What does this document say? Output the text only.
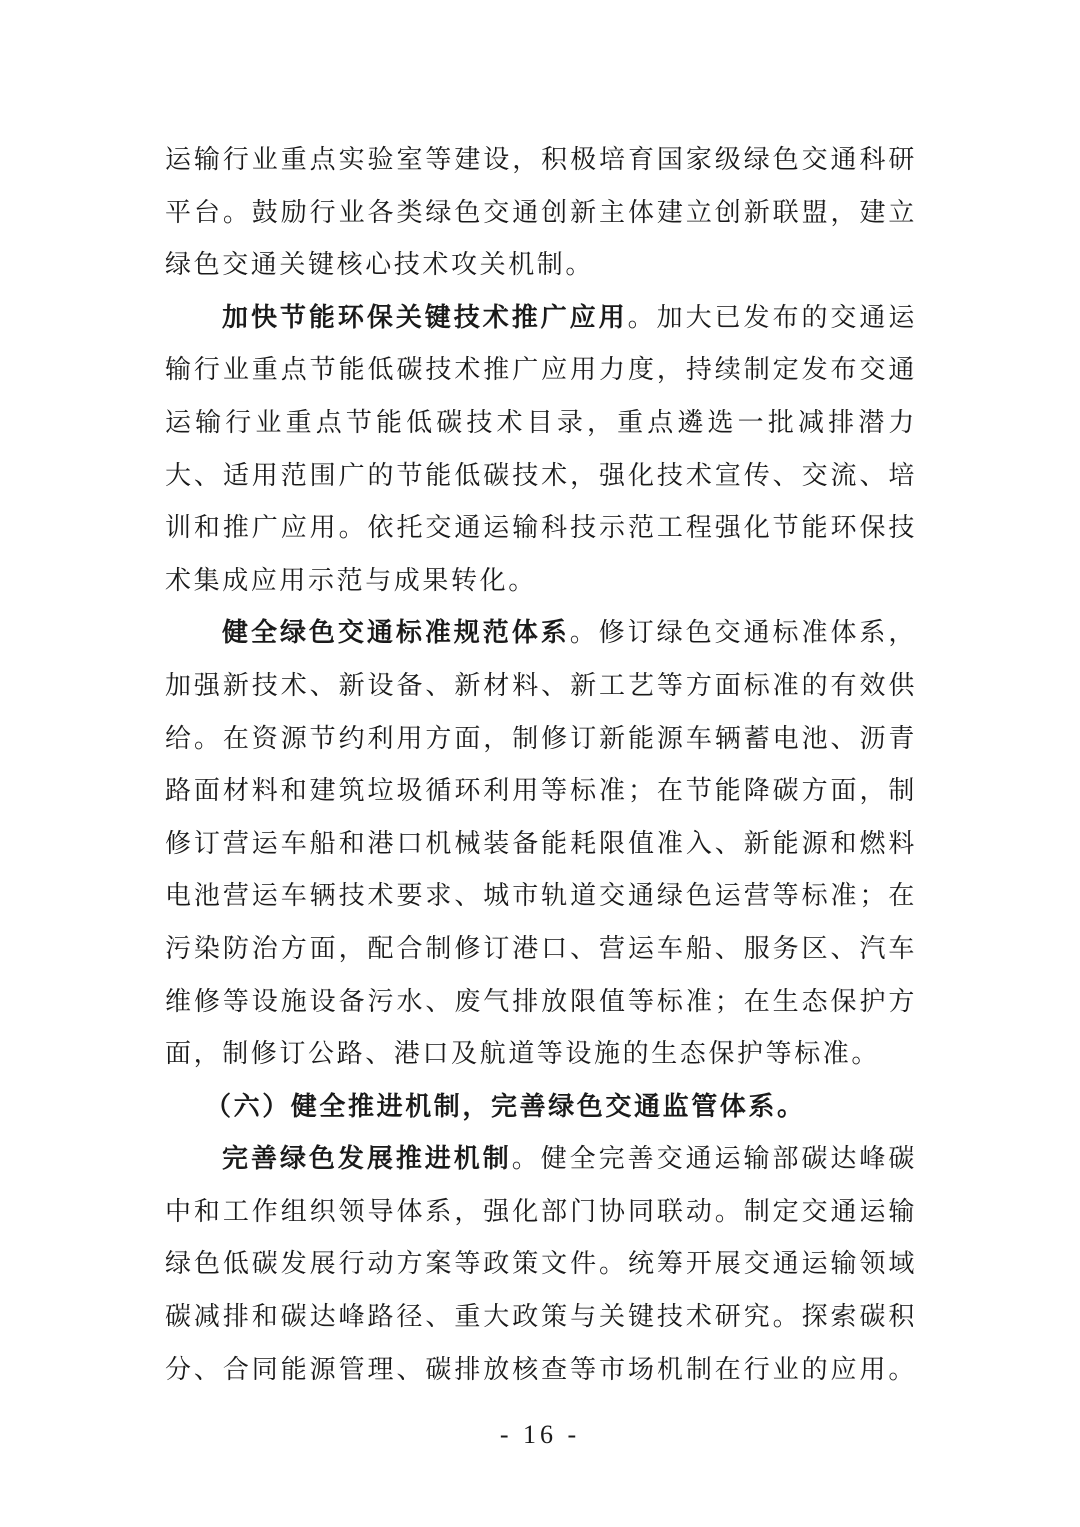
运输行业重点实验室等建设，积极培育国家级绿色交通科研
平台。鼓励行业各类绿色交通创新主体建立创新联盟，建立
绿色交通关键核心技术攻关机制。
加快节能环保关键技术推广应用。加大已发布的交通运
输行业重点节能低碳技术推广应用力度，持续制定发布交通
运输行业重点节能低碳技术目录，重点遴选一批减排潜力
大、适用范围广的节能低碳技术，强化技术宣传、交流、培
训和推广应用。依托交通运输科技示范工程强化节能环保技
术集成应用示范与成果转化。
健全绿色交通标准规范体系。修订绿色交通标准体系，
加强新技术、新设备、新材料、新工艺等方面标准的有效供
给。在资源节约利用方面，制修订新能源车辆蓄电池、沥青
路面材料和建筑垃圾循环利用等标准；在节能降碳方面，制
修订营运车船和港口机械装备能耗限值准入、新能源和燃料
电池营运车辆技术要求、城市轨道交通绿色运营等标准；在
污染防治方面，配合制修订港口、营运车船、服务区、汽车
维修等设施设备污水、废气排放限值等标准；在生态保护方
面，制修订公路、港口及航道等设施的生态保护等标准。
（六）健全推进机制，完善绿色交通监管体系。
完善绿色发展推进机制。健全完善交通运输部碳达峰碳
中和工作组织领导体系，强化部门协同联动。制定交通运输
绿色低碳发展行动方案等政策文件。统筹开展交通运输领域
碳减排和碳达峰路径、重大政策与关键技术研究。探索碳积
分、合同能源管理、碳排放核查等市场机制在行业的应用。
- 16 -
